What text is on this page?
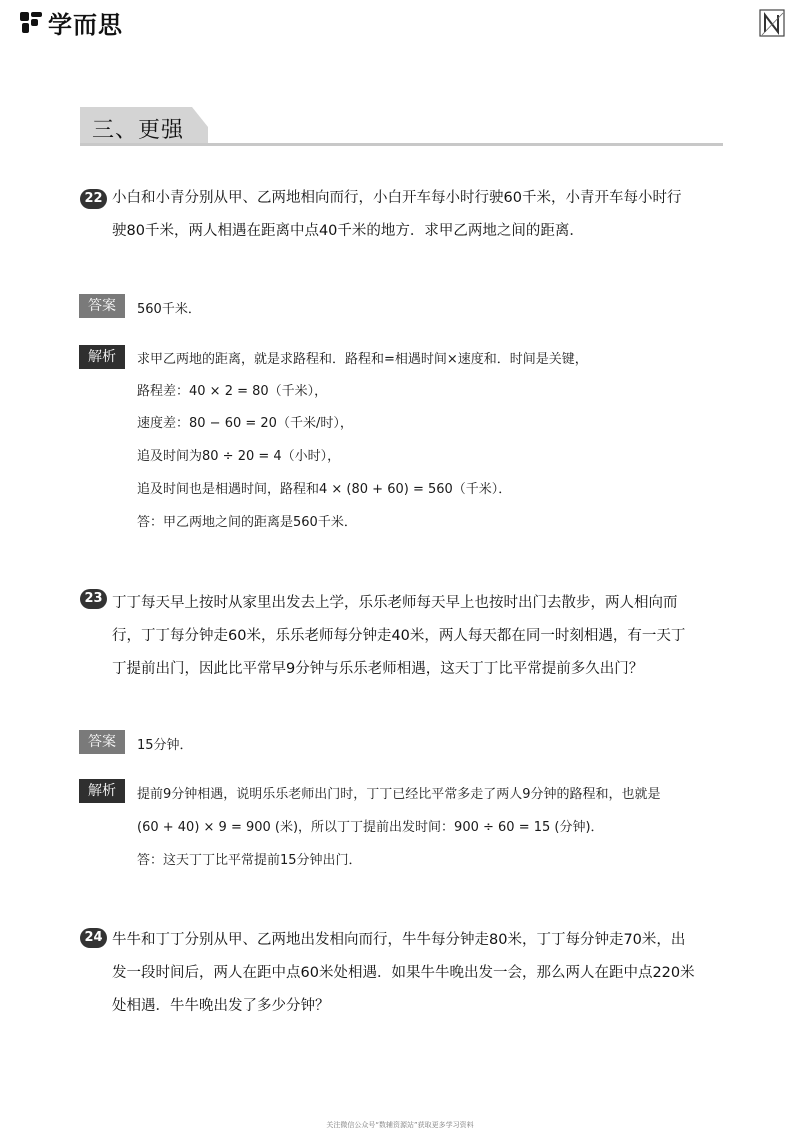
学而思
三、更强
22 小白和小青分别从甲、乙两地相向而行，小白开车每小时行驶60千米，小青开车每小时行
驶80千米，两人相遇在距离中点40千米的地方．求甲乙两地之间的距离．
答案	560千米．
解析	求甲乙两地的距离，就是求路程和．路程和=相遇时间×速度和．时间是关键，
路程差：40 × 2 = 80（千米），
速度差：80 − 60 = 20（千米/时），
追及时间为80 ÷ 20 = 4（小时），
追及时间也是相遇时间，路程和4 × (80 + 60) = 560（千米）．
答：甲乙两地之间的距离是560千米．
23 丁丁每天早上按时从家里出发去上学，乐乐老师每天早上也按时出门去散步，两人相向而
行，丁丁每分钟走60米，乐乐老师每分钟走40米，两人每天都在同一时刻相遇，有一天丁
丁提前出门，因此比平常早9分钟与乐乐老师相遇，这天丁丁比平常提前多久出门？
答案	15分钟．
解析	提前9分钟相遇，说明乐乐老师出门时，丁丁已经比平常多走了两人9分钟的路程和，也就是
(60 + 40) × 9 = 900 (米)，所以丁丁提前出发时间：900 ÷ 60 = 15 (分钟)．
答：这天丁丁比平常提前15分钟出门．
24 牛牛和丁丁分别从甲、乙两地出发相向而行，牛牛每分钟走80米，丁丁每分钟走70米，出
发一段时间后，两人在距中点60米处相遇．如果牛牛晚出发一会，那么两人在距中点220米
处相遇．牛牛晚出发了多少分钟？
关注微信公众号“数辅资源站”获取更多学习资料
